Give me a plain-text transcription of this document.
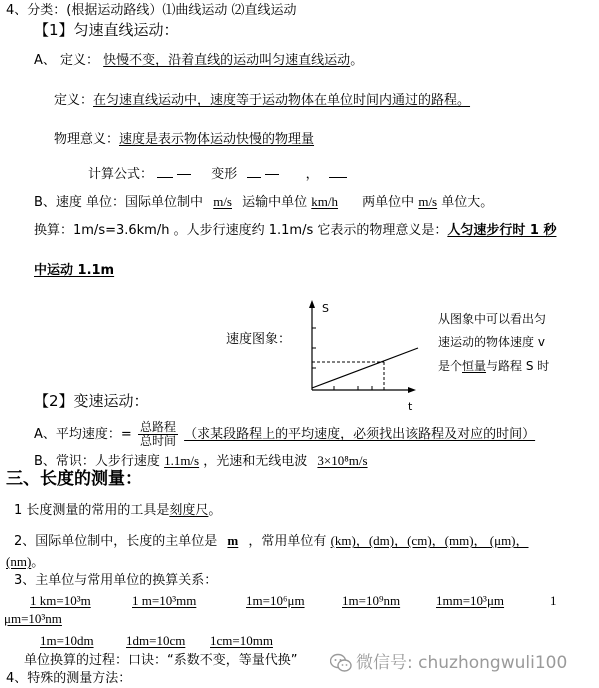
4、分类：(根据运动路线）⑴曲线运动 ⑵直线运动
【1】匀速直线运动：
A、 定义： 快慢不变，沿着直线的运动叫匀速直线运动。
定义：在匀速直线运动中，速度等于运动物体在单位时间内通过的路程。
物理意义：速度是表示物体运动快慢的物理量
计算公式：	变形	，
B、速度 单位：国际单位制中 m/s 运输中单位 km/h 两单位中 m/s 单位大。
换算：1m/s=3.6km/h 。人步行速度约 1.1m/s 它表示的物理意义是：人匀速步行时 1 秒
中运动 1.1m
速度图象：
S
t
从图象中可以看出匀
速运动的物体速度 v
是个恒量与路程 S 时
【2】变速运动：
A、平均速度：= $\frac{\text{总路程}}{\text{总时间}}$ （求某段路程上的平均速度，必须找出该路程及对应的时间）
B、常识：人步行速度 1.1m/s ，光速和无线电波 3×10⁸m/s
三、长度的测量：
1 长度测量的常用的工具是刻度尺。
2、国际单位制中，长度的主单位是 m ，常用单位有 (km)，(dm)，(cm)，(mm)， (μm)，
(nm)。
3、主单位与常用单位的换算关系：
1 km=10³m	1 m=10³mm	1m=10⁶μm	1m=10⁹nm	1mm=10³μm	1
μm=10³nm
1m=10dm 1dm=10cm 1cm=10mm
单位换算的过程：口诀：“系数不变，等量代换”
4、特殊的测量方法：
微信号: chuzhongwuli100
